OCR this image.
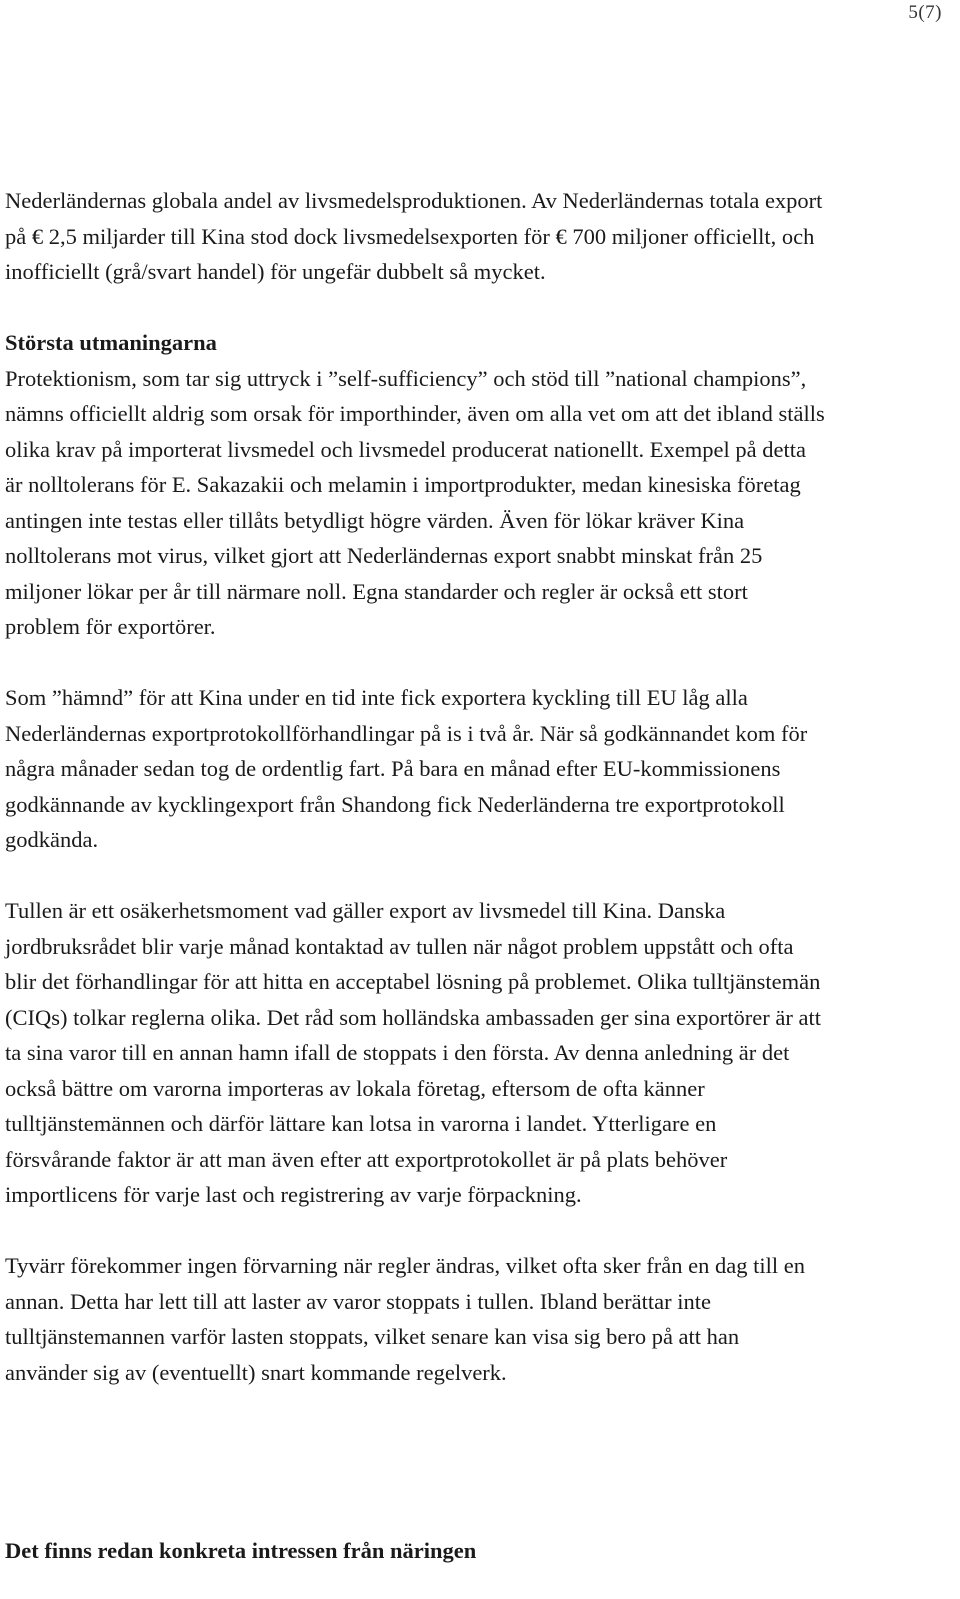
5(7)

Nederländernas globala andel av livsmedelsproduktionen. Av Nederländernas totala export på € 2,5 miljarder till Kina stod dock livsmedelsexporten för € 700 miljoner officiellt, och inofficiellt (grå/svart handel) för ungefär dubbelt så mycket.

Största utmaningarna

Protektionism, som tar sig uttryck i ”self-sufficiency” och stöd till ”national champions”, nämns officiellt aldrig som orsak för importhinder, även om alla vet om att det ibland ställs olika krav på importerat livsmedel och livsmedel producerat nationellt. Exempel på detta är nolltolerans för E. Sakazakii och melamin i importprodukter, medan kinesiska företag antingen inte testas eller tillåts betydligt högre värden. Även för lökar kräver Kina nolltolerans mot virus, vilket gjort att Nederländernas export snabbt minskat från 25 miljoner lökar per år till närmare noll. Egna standarder och regler är också ett stort problem för exportörer.

Som ”hämnd” för att Kina under en tid inte fick exportera kyckling till EU låg alla Nederländernas exportprotokollförhandlingar på is i två år. När så godkännandet kom för några månader sedan tog de ordentlig fart. På bara en månad efter EU-kommissionens godkännande av kycklingexport från Shandong fick Nederländerna tre exportprotokoll godkända.

Tullen är ett osäkerhetsmoment vad gäller export av livsmedel till Kina. Danska jordbruksrådet blir varje månad kontaktad av tullen när något problem uppstått och ofta blir det förhandlingar för att hitta en acceptabel lösning på problemet. Olika tulltjänstemän (CIQs) tolkar reglerna olika. Det råd som holländska ambassaden ger sina exportörer är att ta sina varor till en annan hamn ifall de stoppats i den första. Av denna anledning är det också bättre om varorna importeras av lokala företag, eftersom de ofta känner tulltjänstemännen och därför lättare kan lotsa in varorna i landet. Ytterligare en försvårande faktor är att man även efter att exportprotokollet är på plats behöver importlicens för varje last och registrering av varje förpackning.

Tyvärr förekommer ingen förvarning när regler ändras, vilket ofta sker från en dag till en annan. Detta har lett till att laster av varor stoppats i tullen. Ibland berättar inte tulltjänstemannen varför lasten stoppats, vilket senare kan visa sig bero på att han använder sig av (eventuellt) snart kommande regelverk.

Det finns redan konkreta intressen från näringen
